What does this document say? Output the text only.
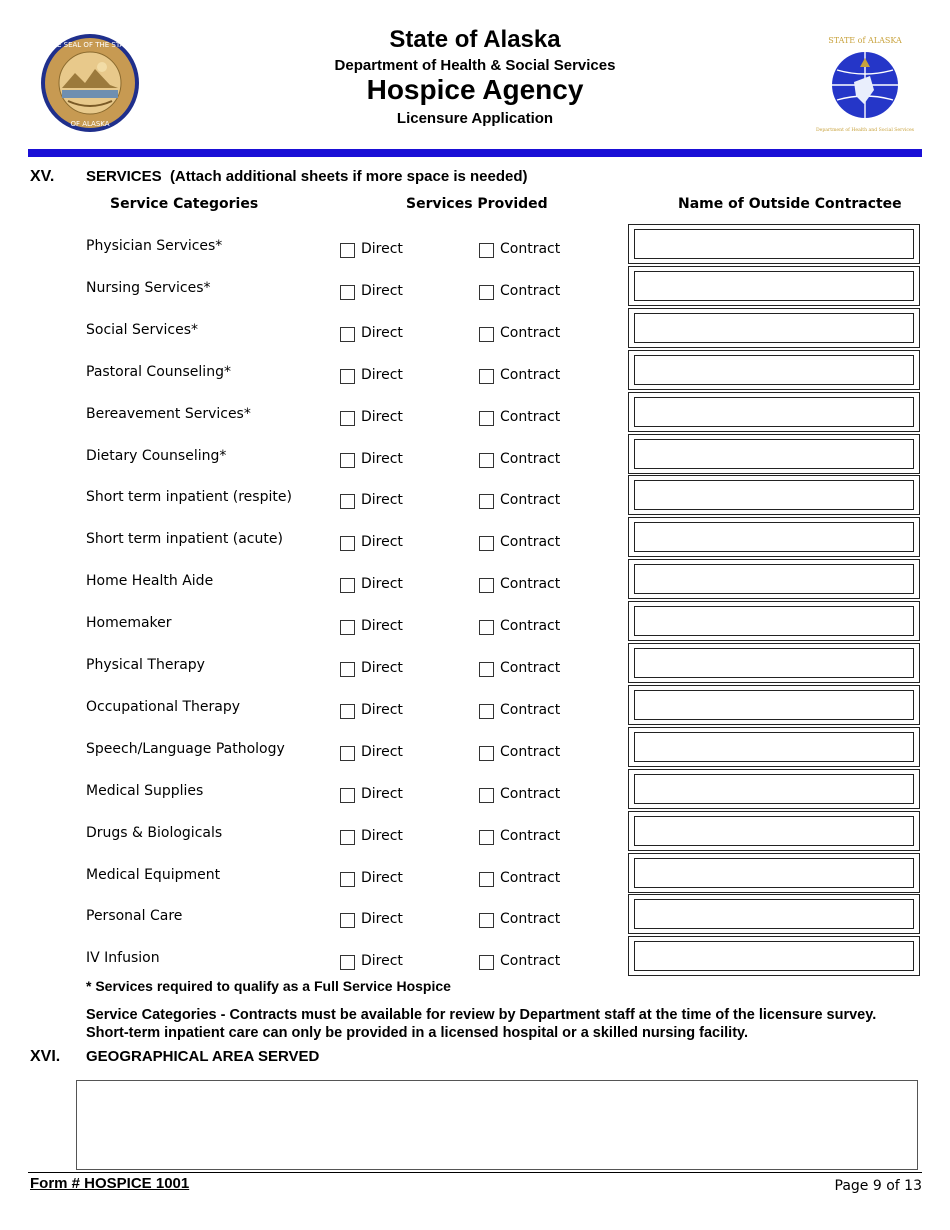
THE SEAL OF THE STATE
OF ALASKA
State of Alaska
Department of Health & Social Services
Hospice Agency
Licensure Application
STATE of ALASKA
Department of Health and Social Services
XV. SERVICES (Attach additional sheets if more space is needed)
Service Categories	Services Provided	Name of Outside Contractee
Physician Services*	Direct	Contract
Nursing Services*	Direct	Contract
Social Services*	Direct	Contract
Pastoral Counseling*	Direct	Contract
Bereavement Services*	Direct	Contract
Dietary Counseling*	Direct	Contract
Short term inpatient (respite)	Direct	Contract
Short term inpatient (acute)	Direct	Contract
Home Health Aide	Direct	Contract
Homemaker	Direct	Contract
Physical Therapy	Direct	Contract
Occupational Therapy	Direct	Contract
Speech/Language Pathology	Direct	Contract
Medical Supplies	Direct	Contract
Drugs & Biologicals	Direct	Contract
Medical Equipment	Direct	Contract
Personal Care	Direct	Contract
IV Infusion	Direct	Contract
* Services required to qualify as a Full Service Hospice
Service Categories - Contracts must be available for review by Department staff at the time of the licensure survey. Short-term inpatient care can only be provided in a licensed hospital or a skilled nursing facility.
XVI. GEOGRAPHICAL AREA SERVED
Form # HOSPICE 1001	Page 9 of 13
